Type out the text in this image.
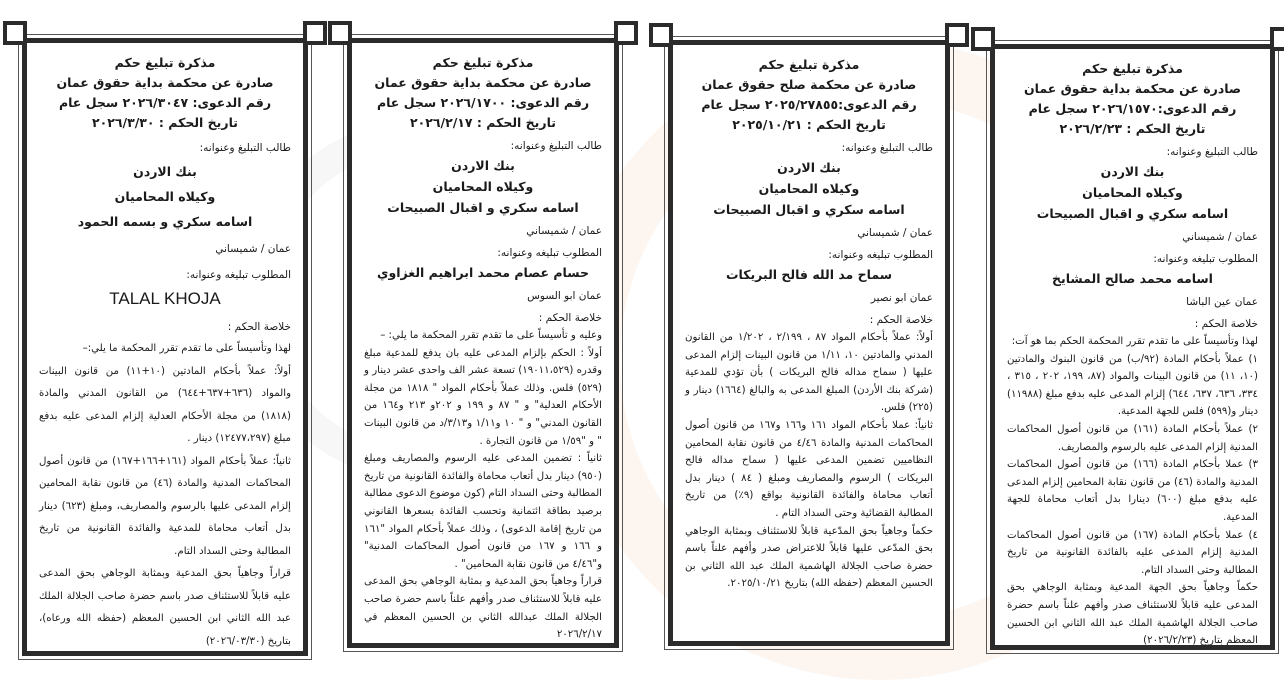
مذكرة تبليغ حكم
صادرة عن محكمة بداية حقوق عمان
رقم الدعوى:٢٠٢٦/١٥٧٠ سجل عام
تاريخ الحكم : ٢٠٢٦/٢/٢٣
طالب التبليغ وعنوانه:
بنك الاردن
وكيلاه المحاميان
اسامه سكري و اقبال الصبيحات
عمان / شميساني
المطلوب تبليغه وعنوانه:
اسامه محمد صالح المشايخ
عمان عين الباشا
خلاصة الحكم :
لهذا وتأسيساً على ما تقدم تقرر المحكمة الحكم بما هو آت:
١) عملاً بأحكام المادة (٩٢/ب) من قانون البنوك والمادتين (١٠، ١١) من قانون البينات والمواد (٨٧، ١٩٩، ٢٠٢ ، ٣١٥ ، ٣٣٤، ٦٣٦، ٦٣٧، ٦٤٤) إلزام المدعى عليه بدفع مبلغ (١١٩٨٨) دينار و(٥٩٩) فلس للجهة المدعية.
٢) عملاً بأحكام المادة (١٦١) من قانون أصول المحاكمات المدنية إلزام المدعى عليه بالرسوم والمصاريف.
٣) عملا بأحكام المادة (١٦٦) من قانون أصول المحاكمات المدنية والمادة (٤٦) من قانون نقابة المحامين إلزام المدعى عليه بدفع مبلغ (٦٠٠) دينارا بدل أتعاب محاماة للجهة المدعية.
٤) عملا بأحكام المادة (١٦٧) من قانون أصول المحاكمات المدنية إلزام المدعى عليه بالفائدة القانونية من تاريخ المطالبة وحتى السداد التام.
حكماً وجاهياً بحق الجهة المدعية وبمثابة الوجاهي بحق المدعى عليه قابلاً للاستئناف صدر وأفهم علناً باسم حضرة صاحب الجلالة الهاشمية الملك عبد الله الثاني ابن الحسين المعظم بتاريخ (٢٠٢٦/٢/٢٣)
مذكرة تبليغ حكم
صادرة عن محكمة صلح حقوق عمان
رقم الدعوى:٢٠٢٥/٢٧٨٥٥ سجل عام
تاريخ الحكم : ٢٠٢٥/١٠/٢١
طالب التبليغ وعنوانه:
بنك الاردن
وكيلاه المحاميان
اسامه سكري و اقبال الصبيحات
عمان / شميساني
المطلوب تبليغه وعنوانه:
سماح مد الله فالح البريكات
عمان ابو نصير
خلاصة الحكم :
أولاً: عملاً بأحكام المواد ٨٧ ، ٢/١٩٩ ، ١/٢٠٢ من القانون المدني والمادتين ١٠، ١/١١ من قانون البينات إلزام المدعى عليها ( سماح مداله فالح البريكات ) بأن تؤدي للمدعية (شركة بنك الأردن) المبلغ المدعى به والبالغ (١٦٦٤) دينار و (٢٢٥) فلس.
ثانياً: عملا بأحكام المواد ١٦١ و١٦٦ و١٦٧ من قانون أصول المحاكمات المدنية والمادة ٤/٤٦ من قانون نقابة المحامين النظاميين تضمين المدعى عليها ( سماح مداله فالح البريكات ) الرسوم والمصاريف ومبلغ ( ٨٤ ) دينار بدل أتعاب محاماة والفائدة القانونية بواقع (٩٪) من تاريخ المطالبة القضائية وحتى السداد التام .
حكماً وجاهياً بحق المدّعية قابلاً للاستئناف وبمثابة الوجاهي بحق المدّعى عليها قابلاً للاعتراض صدر وأفهم علناً باسم حضرة صاحب الجلالة الهاشمية الملك عبد الله الثاني بن الحسين المعظم (حفظه الله) بتاريخ ٢٠٢٥/١٠/٢١.
مذكرة تبليغ حكم
صادرة عن محكمة بداية حقوق عمان
رقم الدعوى: ٢٠٢٦/١٧٠٠ سجل عام
تاريخ الحكم : ٢٠٢٦/٢/١٧
طالب التبليغ وعنوانه:
بنك الاردن
وكيلاه المحاميان
اسامه سكري و اقبال الصبيحات
عمان / شميساني
المطلوب تبليغه وعنوانه:
حسام عصام محمد ابراهيم الغزاوي
عمان ابو السوس
خلاصة الحكم :
وعليه و تأسيساً على ما تقدم تقرر المحكمة ما يلي: –
أولاً : الحكم بإلزام المدعى عليه بان يدفع للمدعية مبلغ وقدره (١٩٠١١،٥٢٩) تسعة عشر الف واحدى عشر دينار و (٥٢٩) فلس. وذلك عملاً بأحكام المواد " ١٨١٨ من مجلة الأحكام العدلية" و " ٨٧ و ١٩٩ و ٢٠٢و ٢١٣ و١٦٤ من القانون المدني" و " ١٠ و١/١١ و٣/١٣/د من قانون البينات " و "١/٥٩ من قانون التجارة .
ثانياً : تضمين المدعى عليه الرسوم والمصاريف ومبلغ (٩٥٠) دينار بدل أتعاب محاماة والفائدة القانونية من تاريخ المطالبة وحتى السداد التام (كون موضوع الدعوى مطالبة برصيد بطاقة ائتمانية وتحسب الفائدة بسعرها القانوني من تاريخ إقامة الدعوى) ، وذلك عملاً بأحكام المواد "١٦١ و ١٦٦ و ١٦٧ من قانون أصول المحاكمات المدنية" و"٤/٤٦ من قانون نقابة المحامين" .
قراراً وجاهياً بحق المدعية و بمثابة الوجاهي بحق المدعى عليه قابلاً للاستئناف صدر وأفهم علناً باسم حضرة صاحب الجلالة الملك عبدالله الثاني بن الحسين المعظم في ٢٠٢٦/٢/١٧
مذكرة تبليغ حكم
صادرة عن محكمة بداية حقوق عمان
رقم الدعوى: ٢٠٢٦/٣٠٤٧ سجل عام
تاريخ الحكم : ٢٠٢٦/٣/٣٠
طالب التبليغ وعنوانه:
بنك الاردن
وكيلاه المحاميان
اسامه سكري و بسمه الحمود
عمان / شميساني
المطلوب تبليغه وعنوانه:
TALAL KHOJA
خلاصة الحكم :
لهذا وتأسيساً على ما تقدم تقرر المحكمة ما يلي:–
أولاً: عملاً بأحكام المادتين (١٠+١١) من قانون البينات والمواد (٦٣٦+٦٣٧+٦٤٤) من القانون المدني والمادة (١٨١٨) من مجلة الأحكام العدلية إلزام المدعى عليه بدفع مبلغ (١٢٤٧٧،٢٩٧) دينار .
ثانياً: عملاً بأحكام المواد (١٦١+١٦٦+١٦٧) من قانون أصول المحاكمات المدنية والمادة (٤٦) من قانون نقابة المحامين إلزام المدعى عليها بالرسوم والمصاريف، ومبلغ (٦٢٣) دينار بدل أتعاب محاماة للمدعية والفائدة القانونية من تاريخ المطالبة وحتى السداد التام.
قراراً وجاهياً بحق المدعية وبمثابة الوجاهي بحق المدعى عليه قابلاً للاستئناف صدر باسم حضرة صاحب الجلالة الملك عبد الله الثاني ابن الحسين المعظم (حفظه الله ورعاه)، بتاريخ (٢٠٢٦/٠٣/٣٠)
